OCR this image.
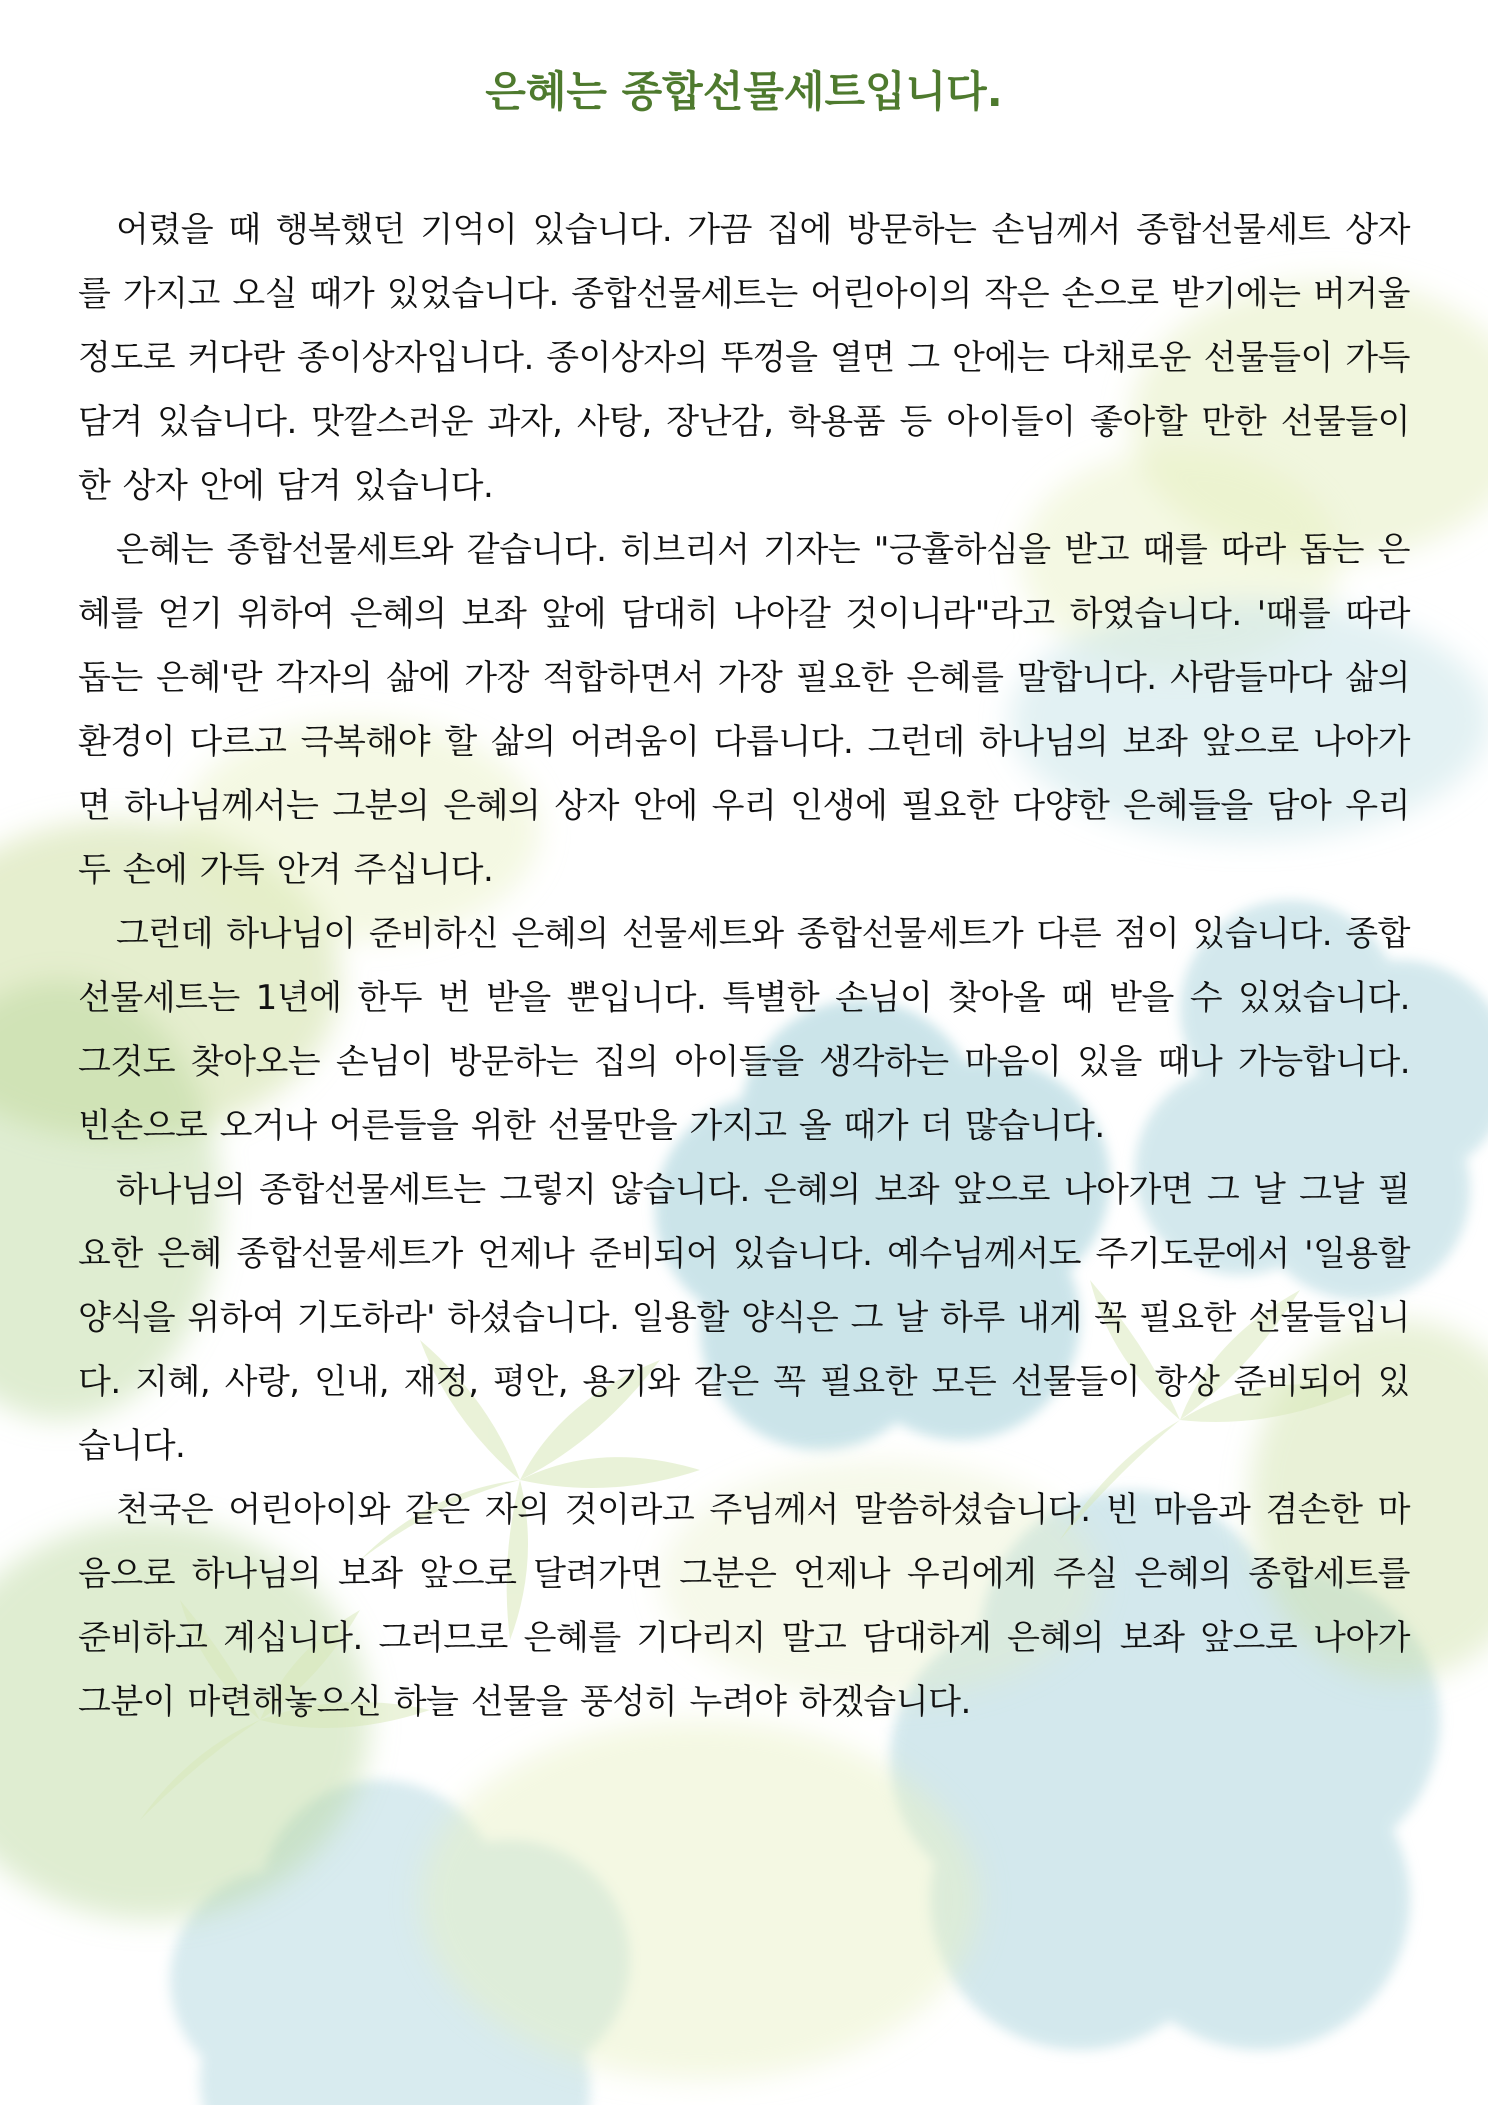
은혜는 종합선물세트입니다.

어렸을 때 행복했던 기억이 있습니다. 가끔 집에 방문하는 손님께서 종합선물세트 상자를 가지고 오실 때가 있었습니다. 종합선물세트는 어린아이의 작은 손으로 받기에는 버거울 정도로 커다란 종이상자입니다. 종이상자의 뚜껑을 열면 그 안에는 다채로운 선물들이 가득 담겨 있습니다. 맛깔스러운 과자, 사탕, 장난감, 학용품 등 아이들이 좋아할 만한 선물들이 한 상자 안에 담겨 있습니다.

은혜는 종합선물세트와 같습니다. 히브리서 기자는 "긍휼하심을 받고 때를 따라 돕는 은혜를 얻기 위하여 은혜의 보좌 앞에 담대히 나아갈 것이니라"라고 하였습니다. '때를 따라 돕는 은혜'란 각자의 삶에 가장 적합하면서 가장 필요한 은혜를 말합니다. 사람들마다 삶의 환경이 다르고 극복해야 할 삶의 어려움이 다릅니다. 그런데 하나님의 보좌 앞으로 나아가면 하나님께서는 그분의 은혜의 상자 안에 우리 인생에 필요한 다양한 은혜들을 담아 우리 두 손에 가득 안겨 주십니다.

그런데 하나님이 준비하신 은혜의 선물세트와 종합선물세트가 다른 점이 있습니다. 종합선물세트는 1년에 한두 번 받을 뿐입니다. 특별한 손님이 찾아올 때 받을 수 있었습니다. 그것도 찾아오는 손님이 방문하는 집의 아이들을 생각하는 마음이 있을 때나 가능합니다. 빈손으로 오거나 어른들을 위한 선물만을 가지고 올 때가 더 많습니다.

하나님의 종합선물세트는 그렇지 않습니다. 은혜의 보좌 앞으로 나아가면 그 날 그날 필요한 은혜 종합선물세트가 언제나 준비되어 있습니다. 예수님께서도 주기도문에서 '일용할 양식을 위하여 기도하라' 하셨습니다. 일용할 양식은 그 날 하루 내게 꼭 필요한 선물들입니다. 지혜, 사랑, 인내, 재정, 평안, 용기와 같은 꼭 필요한 모든 선물들이 항상 준비되어 있습니다.

천국은 어린아이와 같은 자의 것이라고 주님께서 말씀하셨습니다. 빈 마음과 겸손한 마음으로 하나님의 보좌 앞으로 달려가면 그분은 언제나 우리에게 주실 은혜의 종합세트를 준비하고 계십니다. 그러므로 은혜를 기다리지 말고 담대하게 은혜의 보좌 앞으로 나아가 그분이 마련해놓으신 하늘 선물을 풍성히 누려야 하겠습니다.
